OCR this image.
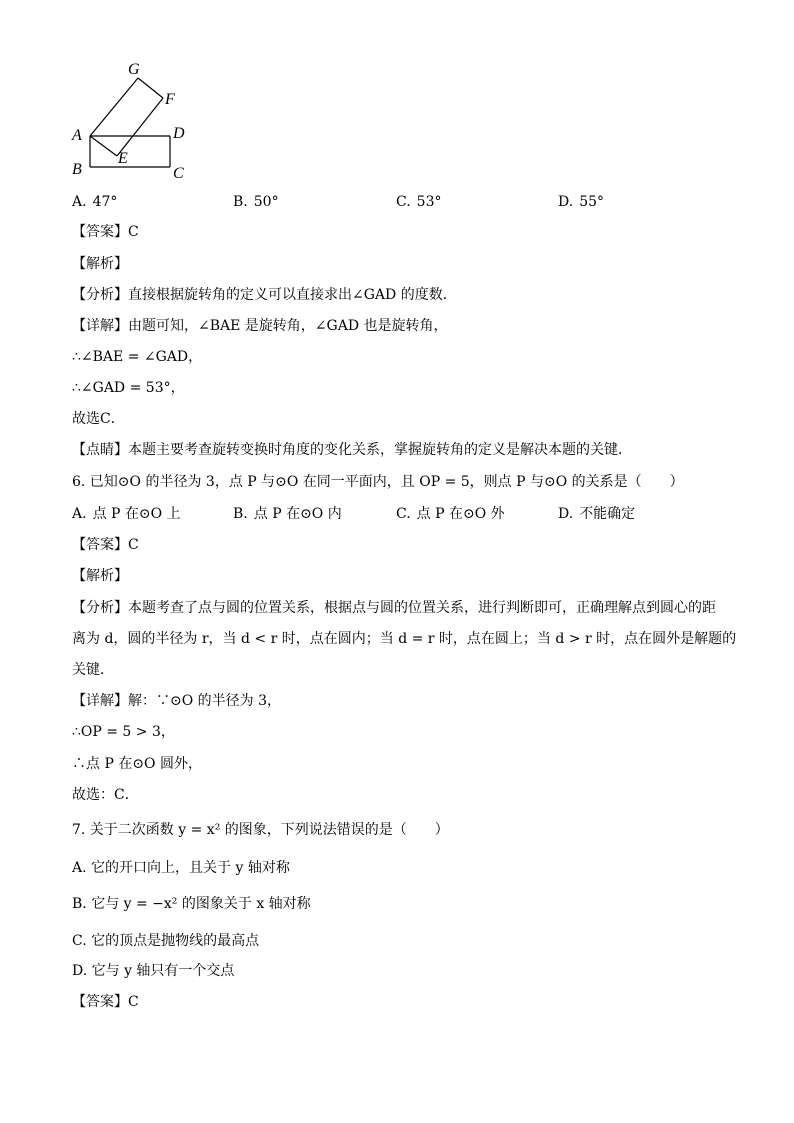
G
F
A	D
B
E
C
A. 47°	B. 50°	C. 53°	D. 55°
【答案】C
【解析】
【分析】直接根据旋转角的定义可以直接求出∠GAD 的度数．
【详解】由题可知，∠BAE 是旋转角，∠GAD 也是旋转角，
∴∠BAE = ∠GAD，
∴∠GAD = 53°，
故选C．
【点睛】本题主要考查旋转变换时角度的变化关系，掌握旋转角的定义是解决本题的关键．
6. 已知⊙O 的半径为 3，点 P 与⊙O 在同一平面内，且 OP = 5，则点 P 与⊙O 的关系是（　　）
A. 点 P 在⊙O 上	B. 点 P 在⊙O 内	C. 点 P 在⊙O 外	D. 不能确定
【答案】C
【解析】
【分析】本题考查了点与圆的位置关系，根据点与圆的位置关系，进行判断即可，正确理解点到圆心的距
离为 d，圆的半径为 r，当 d < r 时，点在圆内；当 d = r 时，点在圆上；当 d > r 时，点在圆外是解题的
关键．
【详解】解：∵⊙O 的半径为 3，
∴OP = 5 > 3，
∴点 P 在⊙O 圆外，
故选：C．
7. 关于二次函数 y = x² 的图象，下列说法错误的是（　　）
A. 它的开口向上，且关于 y 轴对称
B. 它与 y = −x² 的图象关于 x 轴对称
C. 它的顶点是抛物线的最高点
D. 它与 y 轴只有一个交点
【答案】C
